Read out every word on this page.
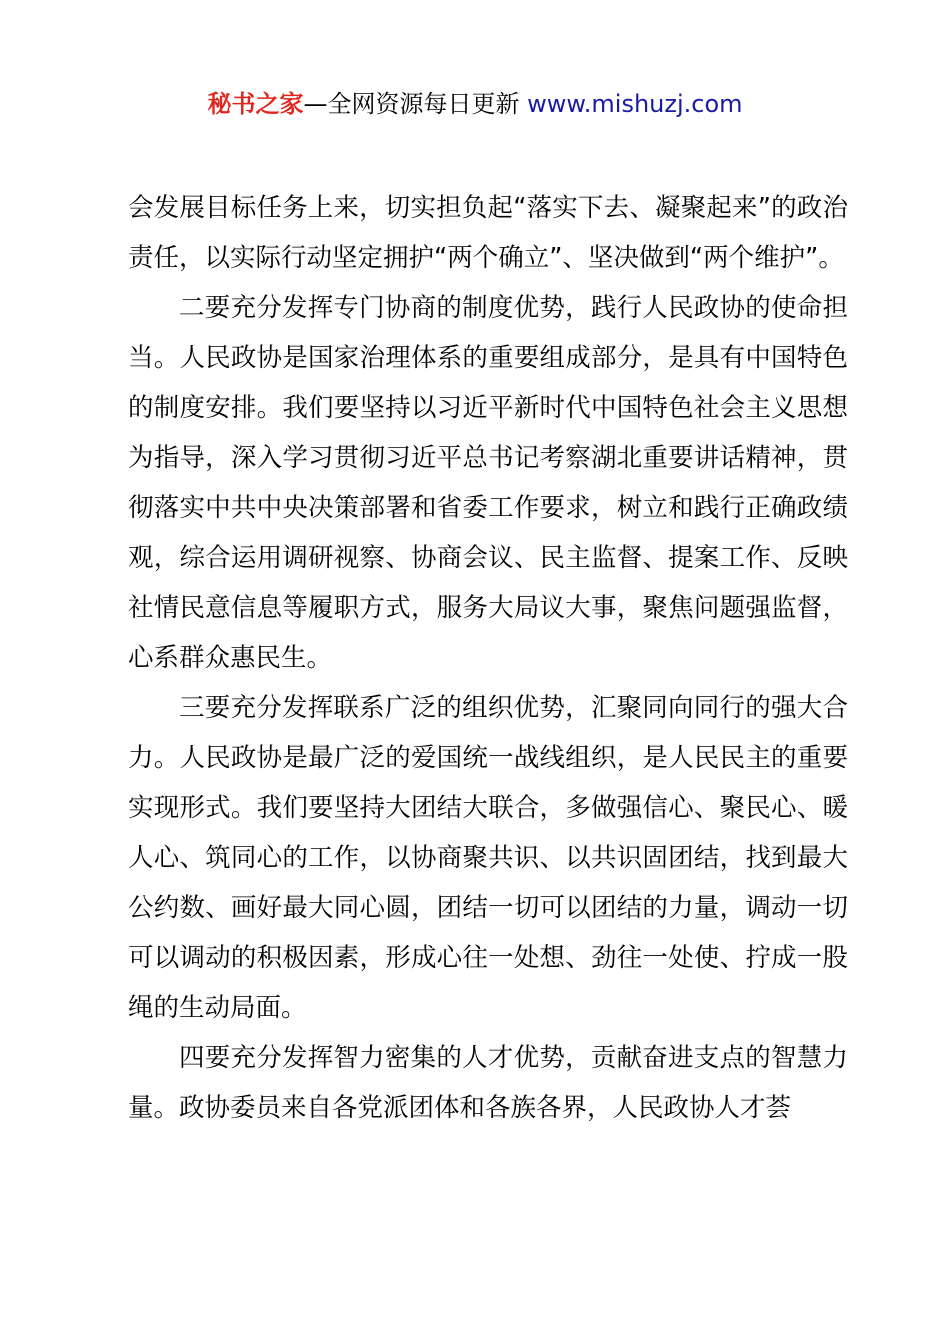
秘书之家—全网资源每日更新 www.mishuzj.com

会发展目标任务上来，切实担负起“落实下去、凝聚起来”的政治责任，以实际行动坚定拥护“两个确立”、坚决做到“两个维护”。

二要充分发挥专门协商的制度优势，践行人民政协的使命担当。人民政协是国家治理体系的重要组成部分，是具有中国特色的制度安排。我们要坚持以习近平新时代中国特色社会主义思想为指导，深入学习贯彻习近平总书记考察湖北重要讲话精神，贯彻落实中共中央决策部署和省委工作要求，树立和践行正确政绩观，综合运用调研视察、协商会议、民主监督、提案工作、反映社情民意信息等履职方式，服务大局议大事，聚焦问题强监督，心系群众惠民生。

三要充分发挥联系广泛的组织优势，汇聚同向同行的强大合力。人民政协是最广泛的爱国统一战线组织，是人民民主的重要实现形式。我们要坚持大团结大联合，多做强信心、聚民心、暖人心、筑同心的工作，以协商聚共识、以共识固团结，找到最大公约数、画好最大同心圆，团结一切可以团结的力量，调动一切可以调动的积极因素，形成心往一处想、劲往一处使、拧成一股绳的生动局面。

四要充分发挥智力密集的人才优势，贡献奋进支点的智慧力量。政协委员来自各党派团体和各族各界，人民政协人才荟
